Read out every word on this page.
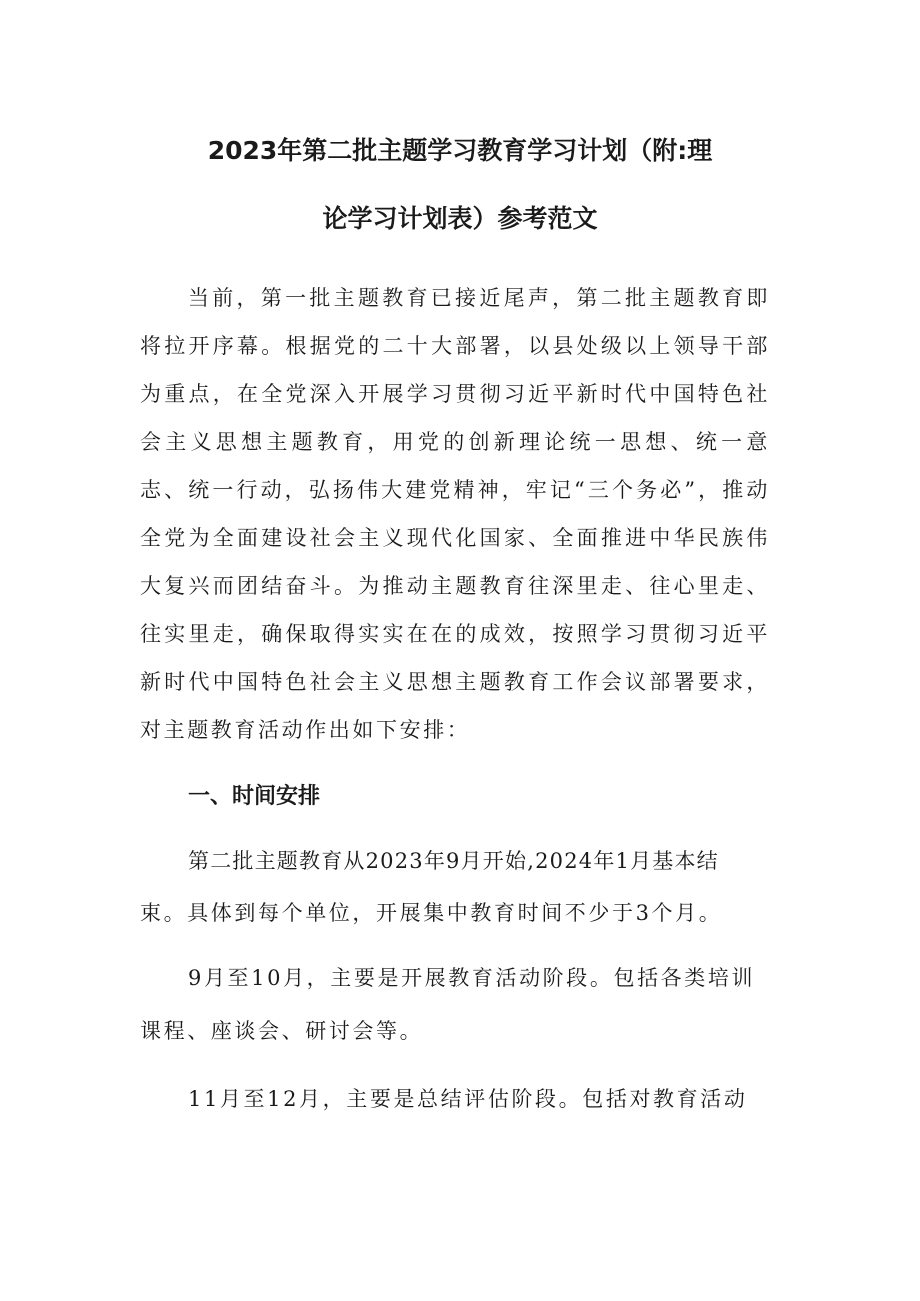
2023年第二批主题学习教育学习计划（附:理
论学习计划表）参考范文

当前，第一批主题教育已接近尾声，第二批主题教育即将拉开序幕。根据党的二十大部署，以县处级以上领导干部为重点，在全党深入开展学习贯彻习近平新时代中国特色社会主义思想主题教育，用党的创新理论统一思想、统一意志、统一行动，弘扬伟大建党精神，牢记“三个务必”，推动全党为全面建设社会主义现代化国家、全面推进中华民族伟大复兴而团结奋斗。为推动主题教育往深里走、往心里走、往实里走，确保取得实实在在的成效，按照学习贯彻习近平新时代中国特色社会主义思想主题教育工作会议部署要求，对主题教育活动作出如下安排：

一、时间安排

第二批主题教育从2023年9月开始,2024年1月基本结

束。具体到每个单位，开展集中教育时间不少于3个月。

9月至10月，主要是开展教育活动阶段。包括各类培训

课程、座谈会、研讨会等。

11月至12月，主要是总结评估阶段。包括对教育活动
